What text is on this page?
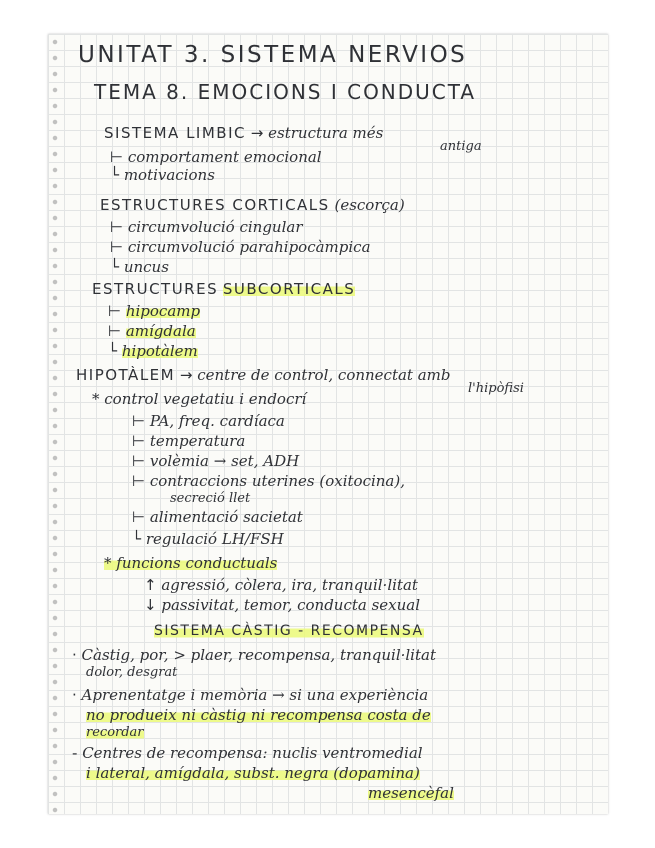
UNITAT 3. SISTEMA NERVIOS
TEMA 8. EMOCIONS I CONDUCTA
SISTEMA LIMBIC → estructura més
antiga
⊢ comportament emocional
└ motivacions
ESTRUCTURES CORTICALS (escorça)
⊢ circumvolució cingular
⊢ circumvolució parahipocàmpica
└ uncus
ESTRUCTURES SUBCORTICALS
⊢ hipocamp
⊢ amígdala
└ hipotàlem
HIPOTÀLEM → centre de control, connectat amb
l'hipòfisi
* control vegetatiu i endocrí
⊢ PA, freq. cardíaca
⊢ temperatura
⊢ volèmia → set, ADH
⊢ contraccions uterines (oxitocina),
secreció llet
⊢ alimentació sacietat
└ regulació LH/FSH
* funcions conductuals
↑ agressió, còlera, ira, tranquil·litat
↓ passivitat, temor, conducta sexual
SISTEMA CÀSTIG - RECOMPENSA
· Càstig, por, > plaer, recompensa, tranquil·litat
dolor, desgrat
· Aprenentatge i memòria → si una experiència
no produeix ni càstig ni recompensa costa de
recordar
- Centres de recompensa: nuclis ventromedial
i lateral, amígdala, subst. negra (dopamina)
mesencèfal
